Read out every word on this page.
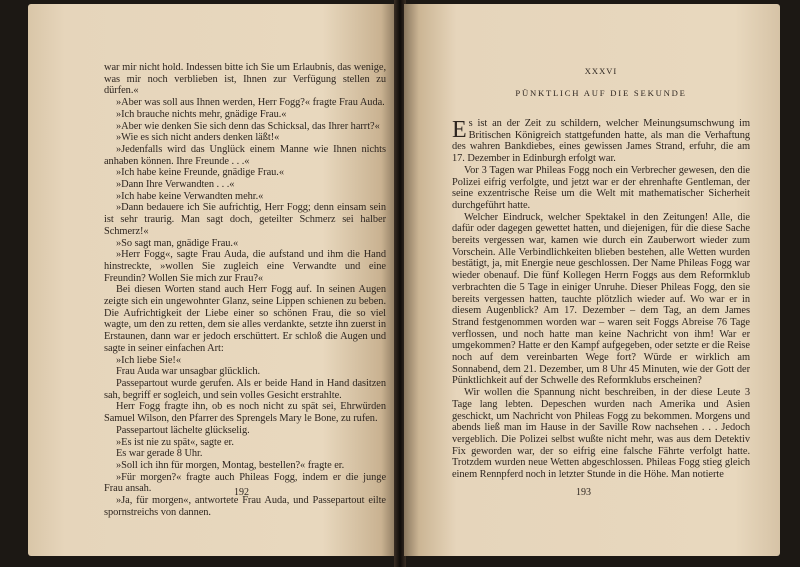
war mir nicht hold. Indessen bitte ich Sie um Erlaubnis, das wenige, was mir noch verblieben ist, Ihnen zur Verfügung stellen zu dürfen.«

»Aber was soll aus Ihnen werden, Herr Fogg?« fragte Frau Auda.

»Ich brauche nichts mehr, gnädige Frau.«

»Aber wie denken Sie sich denn das Schicksal, das Ihrer harrt?«

»Wie es sich nicht anders denken läßt!«

»Jedenfalls wird das Unglück einem Manne wie Ihnen nichts anhaben können. Ihre Freunde . . .«

»Ich habe keine Freunde, gnädige Frau.«

»Dann Ihre Verwandten . . .«

»Ich habe keine Verwandten mehr.«

»Dann bedauere ich Sie aufrichtig, Herr Fogg; denn einsam sein ist sehr traurig. Man sagt doch, geteilter Schmerz sei halber Schmerz!«

»So sagt man, gnädige Frau.«

»Herr Fogg«, sagte Frau Auda, die aufstand und ihm die Hand hinstreckte, »wollen Sie zugleich eine Verwandte und eine Freundin? Wollen Sie mich zur Frau?«

Bei diesen Worten stand auch Herr Fogg auf. In seinen Augen zeigte sich ein ungewohnter Glanz, seine Lippen schienen zu beben. Die Aufrichtigkeit der Liebe einer so schönen Frau, die so viel wagte, um den zu retten, dem sie alles verdankte, setzte ihn zuerst in Erstaunen, dann war er jedoch erschüttert. Er schloß die Augen und sagte in seiner einfachen Art:

»Ich liebe Sie!«

Frau Auda war unsagbar glücklich.

Passepartout wurde gerufen. Als er beide Hand in Hand dasitzen sah, begriff er sogleich, und sein volles Gesicht erstrahlte.

Herr Fogg fragte ihn, ob es noch nicht zu spät sei, Ehrwürden Samuel Wilson, den Pfarrer des Sprengels Mary le Bone, zu rufen.

Passepartout lächelte glückselig.

»Es ist nie zu spät«, sagte er.

Es war gerade 8 Uhr.

»Soll ich ihn für morgen, Montag, bestellen?« fragte er.

»Für morgen?« fragte auch Phileas Fogg, indem er die junge Frau ansah.

»Ja, für morgen«, antwortete Frau Auda, und Passepartout eilte spornstreichs von dannen.

192
XXXVI
PÜNKTLICH AUF DIE SEKUNDE

Es ist an der Zeit zu schildern, welcher Meinungsumschwung im Britischen Königreich stattgefunden hatte, als man die Verhaftung des wahren Bankdiebes, eines gewissen James Strand, erfuhr, die am 17. Dezember in Edinburgh erfolgt war.

Vor 3 Tagen war Phileas Fogg noch ein Verbrecher gewesen, den die Polizei eifrig verfolgte, und jetzt war er der ehrenhafte Gentleman, der seine exzentrische Reise um die Welt mit mathematischer Sicherheit durchgeführt hatte.

Welcher Eindruck, welcher Spektakel in den Zeitungen! Alle, die dafür oder dagegen gewettet hatten, und diejenigen, für die diese Sache bereits vergessen war, kamen wie durch ein Zauberwort wieder zum Vorschein. Alle Verbindlichkeiten blieben bestehen, alle Wetten wurden bestätigt, ja, mit Energie neue geschlossen. Der Name Phileas Fogg war wieder obenauf. Die fünf Kollegen Herrn Foggs aus dem Reformklub verbrachten die 5 Tage in einiger Unruhe. Dieser Phileas Fogg, den sie bereits vergessen hatten, tauchte plötzlich wieder auf. Wo war er in diesem Augenblick? Am 17. Dezember – dem Tag, an dem James Strand festgenommen worden war – waren seit Foggs Abreise 76 Tage verflossen, und noch hatte man keine Nachricht von ihm! War er umgekommen? Hatte er den Kampf aufgegeben, oder setzte er die Reise noch auf dem vereinbarten Wege fort? Würde er wirklich am Sonnabend, dem 21. Dezember, um 8 Uhr 45 Minuten, wie der Gott der Pünktlichkeit auf der Schwelle des Reformklubs erscheinen?

Wir wollen die Spannung nicht beschreiben, in der diese Leute 3 Tage lang lebten. Depeschen wurden nach Amerika und Asien geschickt, um Nachricht von Phileas Fogg zu bekommen. Morgens und abends ließ man im Hause in der Saville Row nachsehen . . . Jedoch vergeblich. Die Polizei selbst wußte nicht mehr, was aus dem Detektiv Fix geworden war, der so eifrig eine falsche Fährte verfolgt hatte. Trotzdem wurden neue Wetten abgeschlossen. Phileas Fogg stieg gleich einem Rennpferd noch in letzter Stunde in die Höhe. Man notierte

193
